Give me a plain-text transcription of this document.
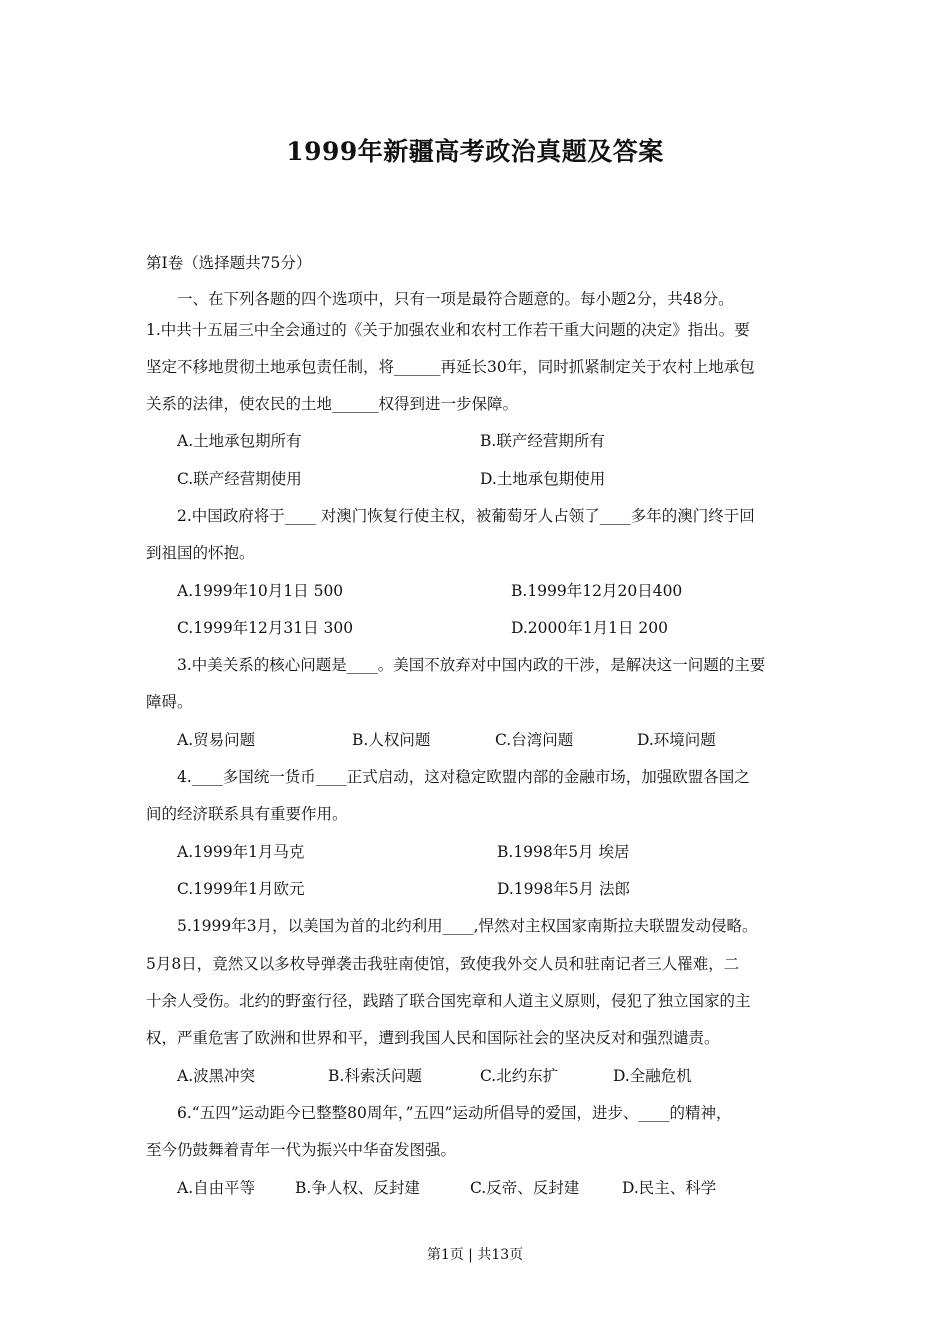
1999年新疆高考政治真题及答案
第Ⅰ卷（选择题共75分）
一、在下列各题的四个选项中，只有一项是最符合题意的。每小题2分，共48分。
1.中共十五届三中全会通过的《关于加强农业和农村工作若干重大问题的决定》指出。要
坚定不移地贯彻土地承包责任制，将______再延长30年，同时抓紧制定关于农村上地承包
关系的法律，使农民的土地______权得到进一步保障。
A.土地承包期所有	B.联产经营期所有
C.联产经营期使用	D.土地承包期使用
2.中国政府将于____ 对澳门恢复行使主权，被葡萄牙人占领了____多年的澳门终于回
到祖国的怀抱。
A.1999年10月1日 500	B.1999年12月20日400
C.1999年12月31日 300	D.2000年1月1日 200
3.中美关系的核心问题是____。美国不放弃对中国内政的干涉，是解决这一问题的主要
障碍。
A.贸易问题	B.人权问题	C.台湾问题	D.环境问题
4.____多国统一货币____正式启动，这对稳定欧盟内部的金融市场，加强欧盟各国之
间的经济联系具有重要作用。
A.1999年1月马克	B.1998年5月 埃居
C.1999年1月欧元	D.1998年5月 法郎
5.1999年3月，以美国为首的北约利用____,悍然对主权国家南斯拉夫联盟发动侵略。
5月8日，竟然又以多枚导弹袭击我驻南使馆，致使我外交人员和驻南记者三人罹难，二
十余人受伤。北约的野蛮行径，践踏了联合国宪章和人道主义原则，侵犯了独立国家的主
权，严重危害了欧洲和世界和平，遭到我国人民和国际社会的坚决反对和强烈谴责。
A.波黑冲突	B.科索沃问题	C.北约东扩	D.全融危机
6.“五四”运动距今已整整80周年，”五四”运动所倡导的爱国，进步、____的精神，
至今仍鼓舞着青年一代为振兴中华奋发图强。
A.自由平等	B.争人权、反封建	C.反帝、反封建	D.民主、科学
第1页 | 共13页
